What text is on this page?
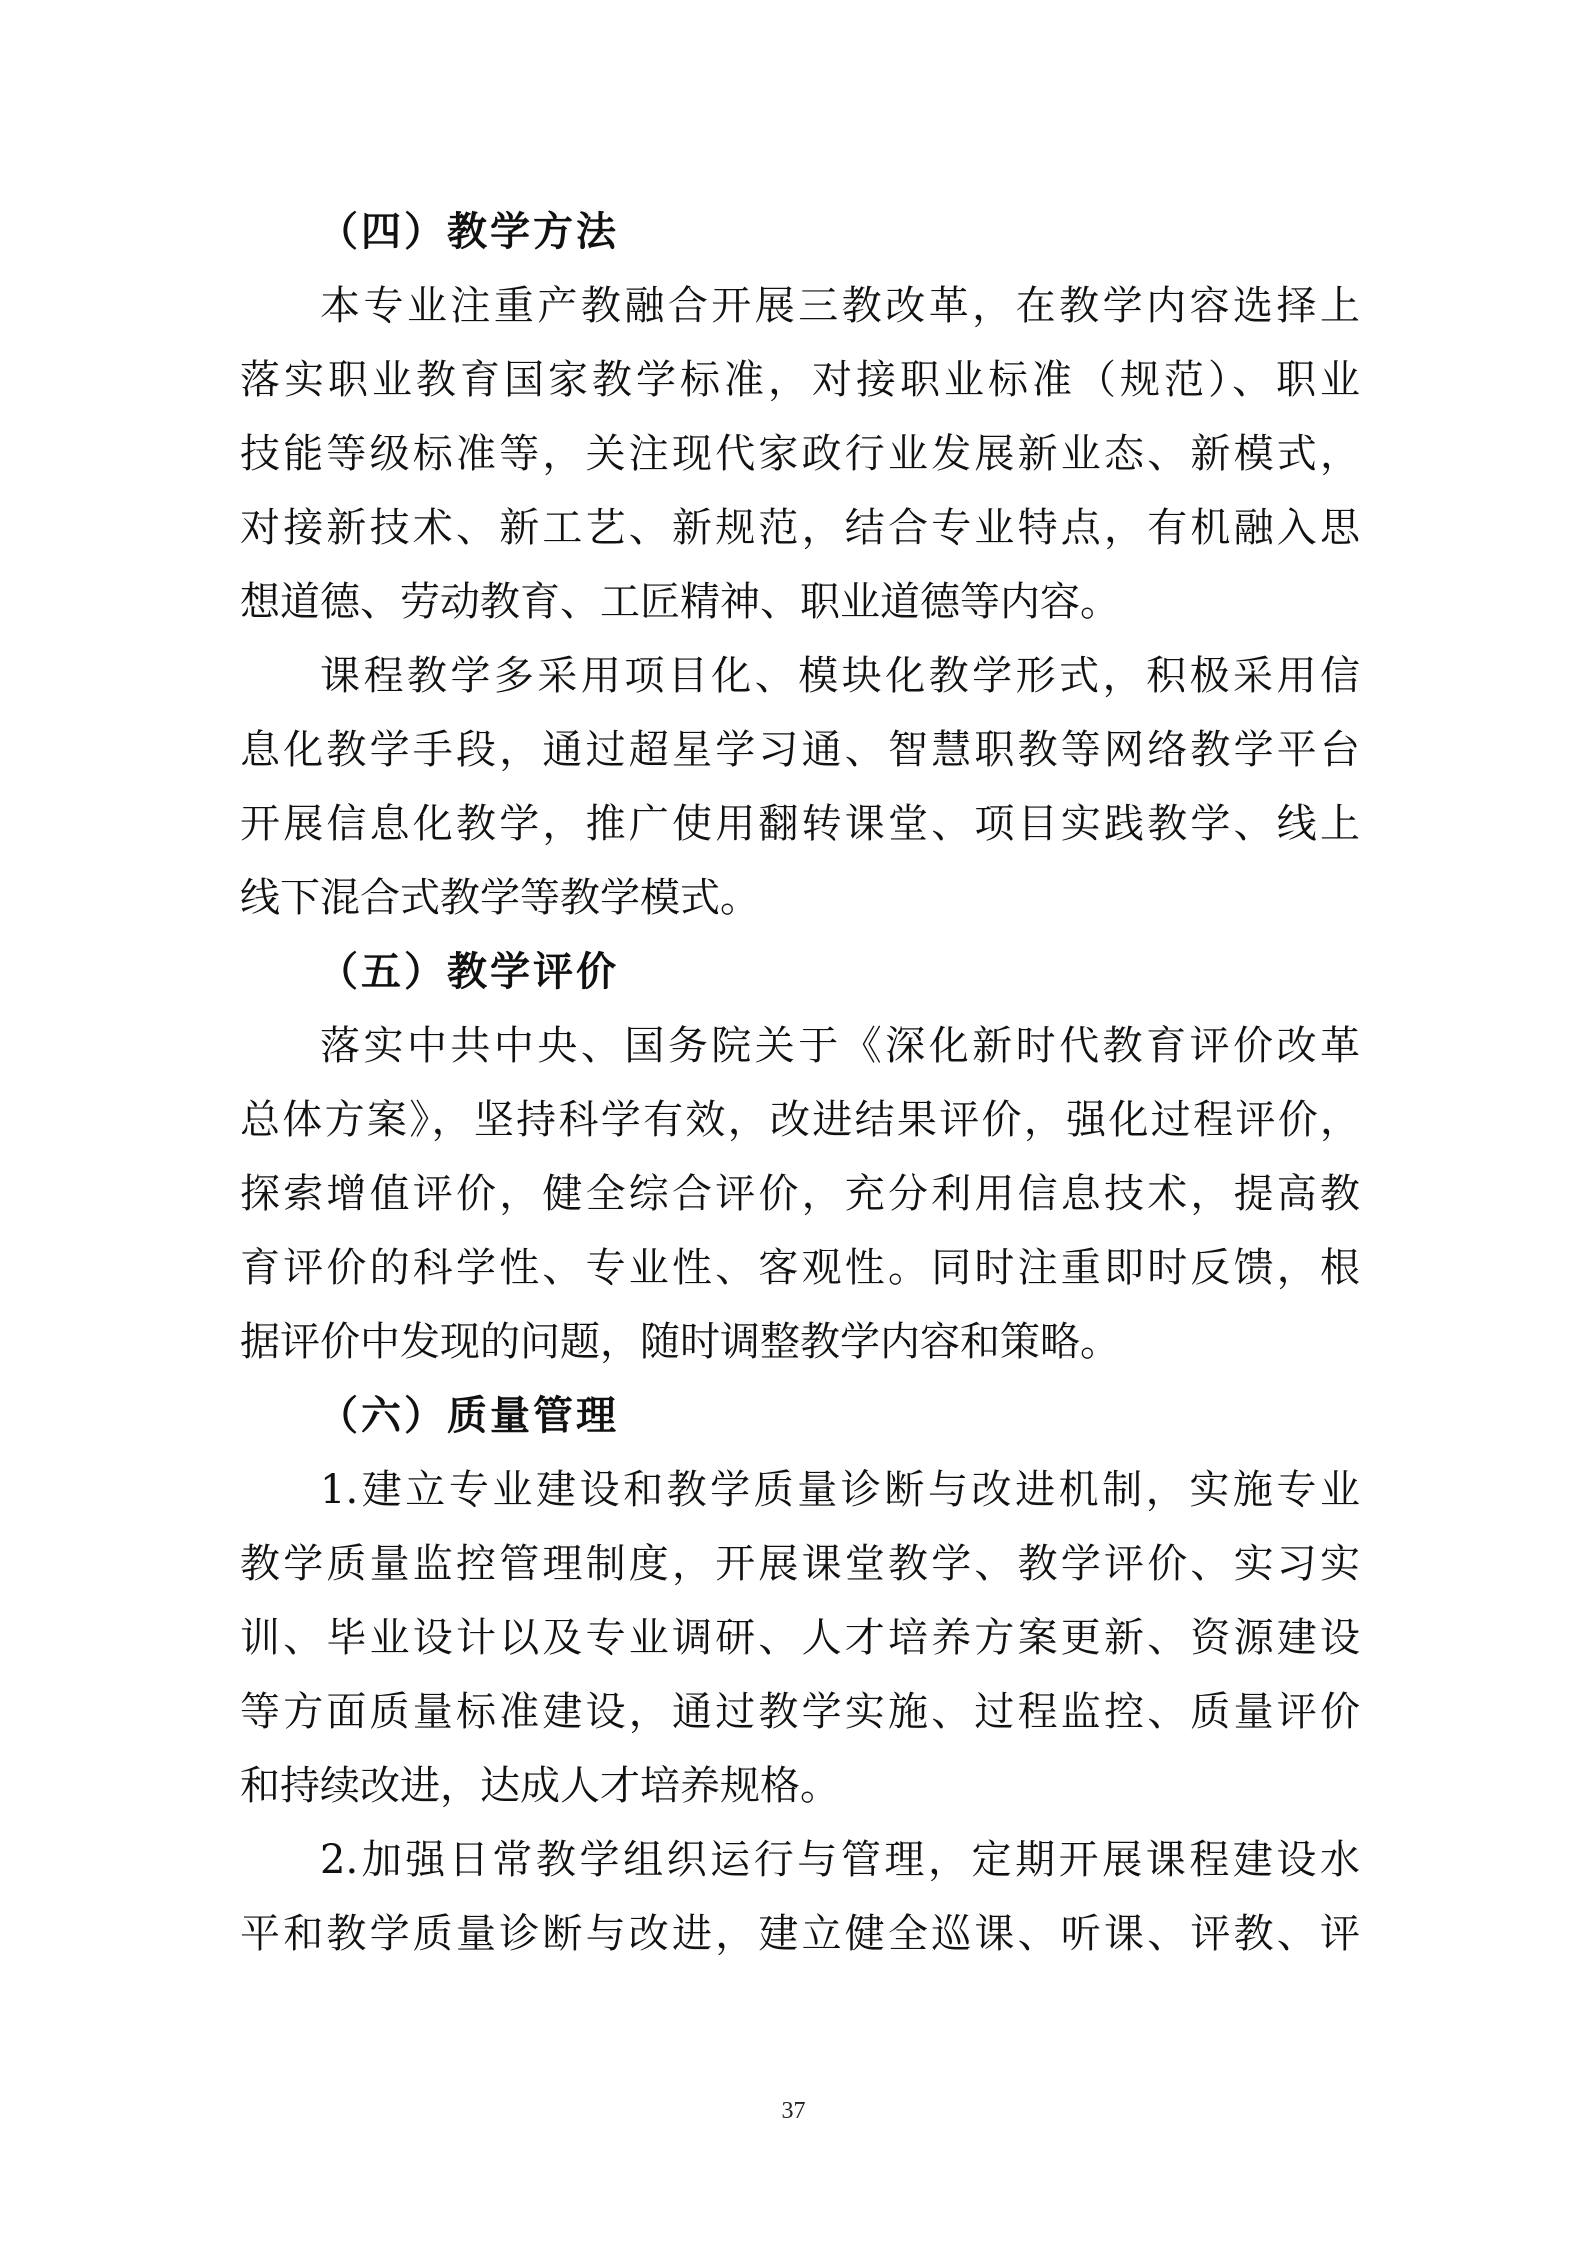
（四）教学方法

本专业注重产教融合开展三教改革，在教学内容选择上
落实职业教育国家教学标准，对接职业标准（规范）、职业
技能等级标准等，关注现代家政行业发展新业态、新模式，
对接新技术、新工艺、新规范，结合专业特点，有机融入思
想道德、劳动教育、工匠精神、职业道德等内容。

课程教学多采用项目化、模块化教学形式，积极采用信
息化教学手段，通过超星学习通、智慧职教等网络教学平台
开展信息化教学，推广使用翻转课堂、项目实践教学、线上
线下混合式教学等教学模式。

（五）教学评价

落实中共中央、国务院关于《深化新时代教育评价改革
总体方案》，坚持科学有效，改进结果评价，强化过程评价，
探索增值评价，健全综合评价，充分利用信息技术，提高教
育评价的科学性、专业性、客观性。同时注重即时反馈，根
据评价中发现的问题，随时调整教学内容和策略。

（六）质量管理

1.建立专业建设和教学质量诊断与改进机制，实施专业
教学质量监控管理制度，开展课堂教学、教学评价、实习实
训、毕业设计以及专业调研、人才培养方案更新、资源建设
等方面质量标准建设，通过教学实施、过程监控、质量评价
和持续改进，达成人才培养规格。

2.加强日常教学组织运行与管理，定期开展课程建设水
平和教学质量诊断与改进，建立健全巡课、听课、评教、评

37
